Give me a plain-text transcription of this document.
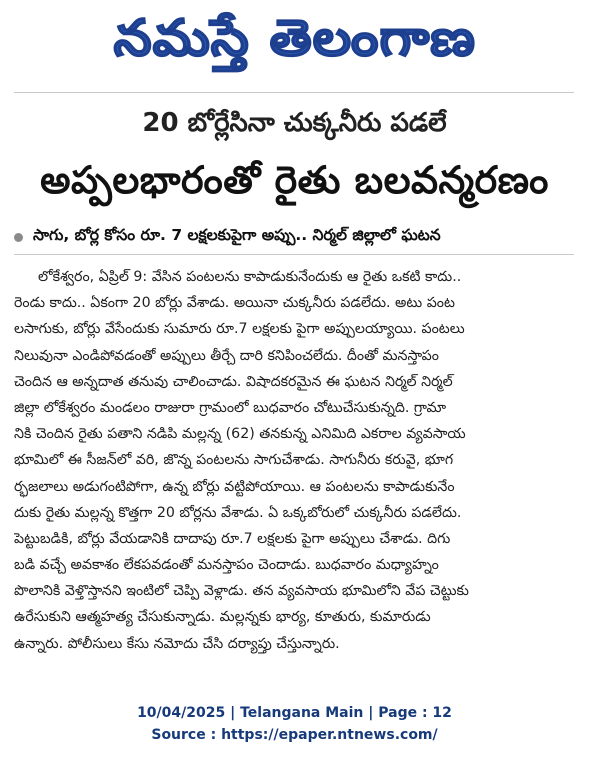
నమస్తే తెలంగాణ
20 బోర్లేసినా చుక్కనీరు పడలే
అప్పలభారంతో రైతు బలవన్మరణం
సాగు, బోర్ల కోసం రూ. 7 లక్షలకుపైగా అప్పు.. నిర్మల్ జిల్లాలో ఘటన
లోకేశ్వరం, ఏప్రిల్ 9: వేసిన పంటలను కాపాడుకునేందుకు ఆ రైతు ఒకటి కాదు..
రెండు కాదు.. ఏకంగా 20 బోర్లు వేశాడు. అయినా చుక్కనీరు పడలేదు. అటు పంట
లసాగుకు, బోర్లు వేసేందుకు సుమారు రూ.7 లక్షలకు పైగా అప్పులయ్యాయి. పంటలు
నిలువునా ఎండిపోవడంతో అప్పులు తీర్చే దారి కనిపించలేదు. దీంతో మనస్తాపం
చెందిన ఆ అన్నదాత తనువు చాలించాడు. విషాదకరమైన ఈ ఘటన నిర్మల్ నిర్మల్
జిల్లా లోకేశ్వరం మండలం రాజురా గ్రామంలో బుధవారం చోటుచేసుకున్నది. గ్రామా
నికి చెందిన రైతు పతాని నడిపి మల్లన్న (62) తనకున్న ఎనిమిది ఎకరాల వ్యవసాయ
భూమిలో ఈ సీజన్‌లో వరి, జొన్న పంటలను సాగుచేశాడు. సాగునీరు కరువై, భూగ
ర్భజలాలు అడుగంటిపోగా, ఉన్న బోర్లు వట్టిపోయాయి. ఆ పంటలను కాపాడుకునేం
దుకు రైతు మల్లన్న కొత్తగా 20 బోర్లను వేశాడు. ఏ ఒక్కబోరులో చుక్కనీరు పడలేదు.
పెట్టుబడికి, బోర్లు వేయడానికి దాదాపు రూ.7 లక్షలకు పైగా అప్పులు చేశాడు. దిగు
బడి వచ్చే అవకాశం లేకపవడంతో మనస్తాపం చెందాడు. బుధవారం మధ్యాహ్నం
పొలానికి వెళ్తొస్తానని ఇంటిలో చెప్పి వెళ్లాడు. తన వ్యవసాయ భూమిలోని వేప చెట్టుకు
ఉరేసుకుని ఆత్మహత్య చేసుకున్నాడు. మల్లన్నకు భార్య, కూతురు, కుమారుడు
ఉన్నారు. పోలీసులు కేసు నమోదు చేసి దర్యాప్తు చేస్తున్నారు.
10/04/2025 | Telangana Main | Page : 12
Source : https://epaper.ntnews.com/
